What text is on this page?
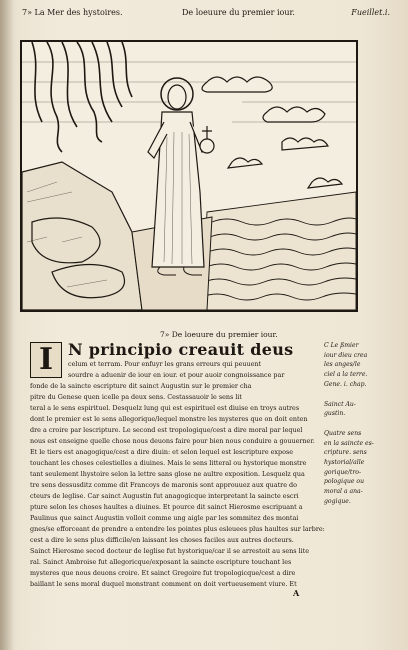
7» La Mer des hystoires.	De loeuure du premier iour.	Fueillet.i.
7» De loeuure du premier iour.
I N principio creauit deus
celum et terram. Pour enfuyr les grans erreurs qui peuuent
sourdre a aduenir de iour en iour. et pour auoir congnoissance par
fonde de la saincte escripture dit sainct Augustin sur le premier cha
pitre du Genese quen icelle pa deux sens. Cestassauoir le sens lit
teral a le sens espirituel. Desquelz lung qui est espirituel est diuise en troys autres
dont le premier est le sens allegorique/lequel monstre les mysteres que on doit enten
dre a croire par lescripture. Le second est tropologique/cest a dire moral par lequel
nous est enseigne quelle chose nous deuons faire pour bien nous conduire a gouuerner.
Et le tiers est anagogique/cest a dire diuin: et selon lequel est lescripture expose
touchant les choses celestielles a diuines. Mais le sens litteral ou hystorique monstre
tant seulement lhystoire selon la lettre sans glose ne aultre exposition. Lesquelz qua
tre sens dessusditz comme dit Francoys de maronis sont approuuez aux quatre do
cteurs de leglise. Car sainct Augustin fut anagogicque interpretant la saincte escri
pture selon les choses haultes a diuines. Et pource dit sainct Hierosme escripuant a
Paulinus que sainct Augustin volloit comme ung aigle par les sommitez des montai
gnes/se efforceant de prendre a entendre les pointes plus esleuees plus haultes sur larbre:
cest a dire le sens plus difficile/en laissant les choses faciles aux autres docteurs.
Sainct Hierosme secod docteur de leglise fut hystorique/car il se arrestoit au sens lite
ral. Sainct Ambroise fut allegoricque/exposant la saincte escripture touchant les
mysteres que nous deuons croire. Et sainct Gregoire fut tropologicque/cest a dire
baillant le sens moral duquel monstrant comment on doit vertueusement viure. Et
A
C Le ßmier
iour dieu crea
les anges/le
ciel a la terre.
Gene. i. chap.
Sainct Au-
gustin.
Quatre sens
en la saincte es-
cripture. sens
hystorial/alle
gorique/tro-
pologique ou
moral a ana-
gogique.
